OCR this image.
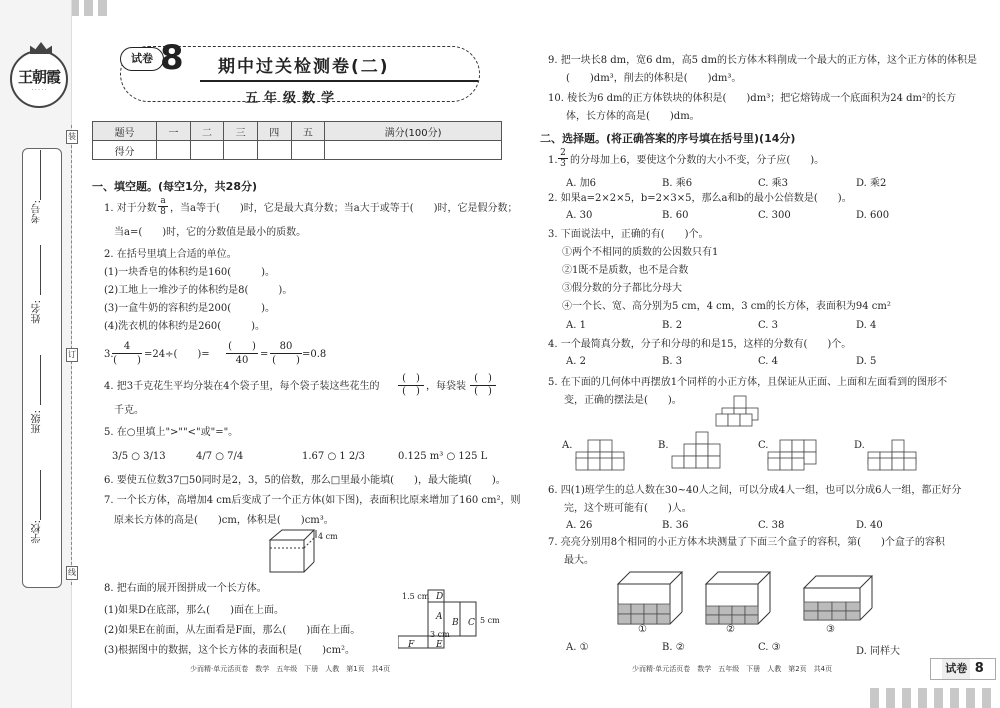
王朝霞
· · · · ·
学校:
班级:
姓名:
考号:
装
订
线
试卷 8 期中过关检测卷(二)
五年级数学
题号	一	二	三	四	五	满分(100分)
得分						
一、填空题。(每空1分，共28分)
1. 对于分数 $\frac{a}{8}$ ，当a等于(　　)时，它是最大真分数；当a大于或等于(　　)时，它是假分数；
当a=(　　)时，它的分数值是最小的质数。
2. 在括号里填上合适的单位。
(1)一块香皂的体积约是160(　　　)。
(2)工地上一堆沙子的体积约是8(　　　)。
(3)一盒牛奶的容积约是200(　　　)。
(4)洗衣机的体积约是260(　　　)。
3.
4
(　　)
=24÷(　　)=
(　　)
40
=
80
(　　)
=0.8
4. 把3千克花生平均分装在4个袋子里，每个袋子装这些花生的
(　)
(　) ，每袋装
(　)
(　)
千克。
5. 在○里填上">""<"或"="。
3/5 ○ 3/13	4/7 ○ 7/4	1.67 ○ 1 2/3	0.125 m³ ○ 125 L
6. 要使五位数37□50同时是2，3，5的倍数，那么□里最小能填(　　)，最大能填(　　)。
7. 一个长方体，高增加4 cm后变成了一个正方体(如下图)，表面积比原来增加了160 cm²，则
原来长方体的高是(　　)cm，体积是(　　)cm³。
4 cm
8. 把右面的展开图拼成一个长方体。
(1)如果D在底部，那么(　　)面在上面。
(2)如果E在前面，从左面看是F面，那么(　　)面在上面。
(3)根据图中的数据，这个长方体的表面积是(　　)cm²。
1.5 cm D
A
B C 5 cm
3 cm
E
F
少而精·单元活页卷　数学　五年级　下册　人教　第1页　共4页
9. 把一块长8 dm，宽6 dm，高5 dm的长方体木料削成一个最大的正方体，这个正方体的体积是
(　　)dm³，削去的体积是(　　)dm³。
10. 棱长为6 dm的正方体铁块的体积是(　　)dm³；把它熔铸成一个底面积为24 dm²的长方
体，长方体的高是(　　)dm。
二、选择题。(将正确答案的序号填在括号里)(14分)
1. $\frac{2}{3}$ 的分母加上6，要使这个分数的大小不变，分子应(　　)。
A. 加6	B. 乘6	C. 乘3	D. 乘2
2. 如果a=2×2×5，b=2×3×5，那么a和b的最小公倍数是(　　)。
A. 30	B. 60	C. 300	D. 600
3. 下面说法中，正确的有(　　)个。
①两个不相同的质数的公因数只有1
②1既不是质数，也不是合数
③假分数的分子都比分母大
④一个长、宽、高分别为5 cm，4 cm，3 cm的长方体，表面积为94 cm²
A. 1	B. 2	C. 3	D. 4
4. 一个最简真分数，分子和分母的和是15，这样的分数有(　　)个。
A. 2	B. 3	C. 4	D. 5
5. 在下面的几何体中再摆放1个同样的小正方体，且保证从正面、上面和左面看到的图形不
变，正确的摆法是(　　)。
A.	B.	C.	D.
6. 四(1)班学生的总人数在30~40人之间，可以分成4人一组，也可以分成6人一组，都正好分
完，这个班可能有(　　)人。
A. 26	B. 36	C. 38	D. 40
7. 亮亮分别用8个相同的小正方体木块测量了下面三个盒子的容积，第(　　)个盒子的容积
最大。
①	②	③
A. ①	B. ②	C. ③	D. 同样大
少而精·单元活页卷　数学　五年级　下册　人教　第2页　共4页	试卷 8
